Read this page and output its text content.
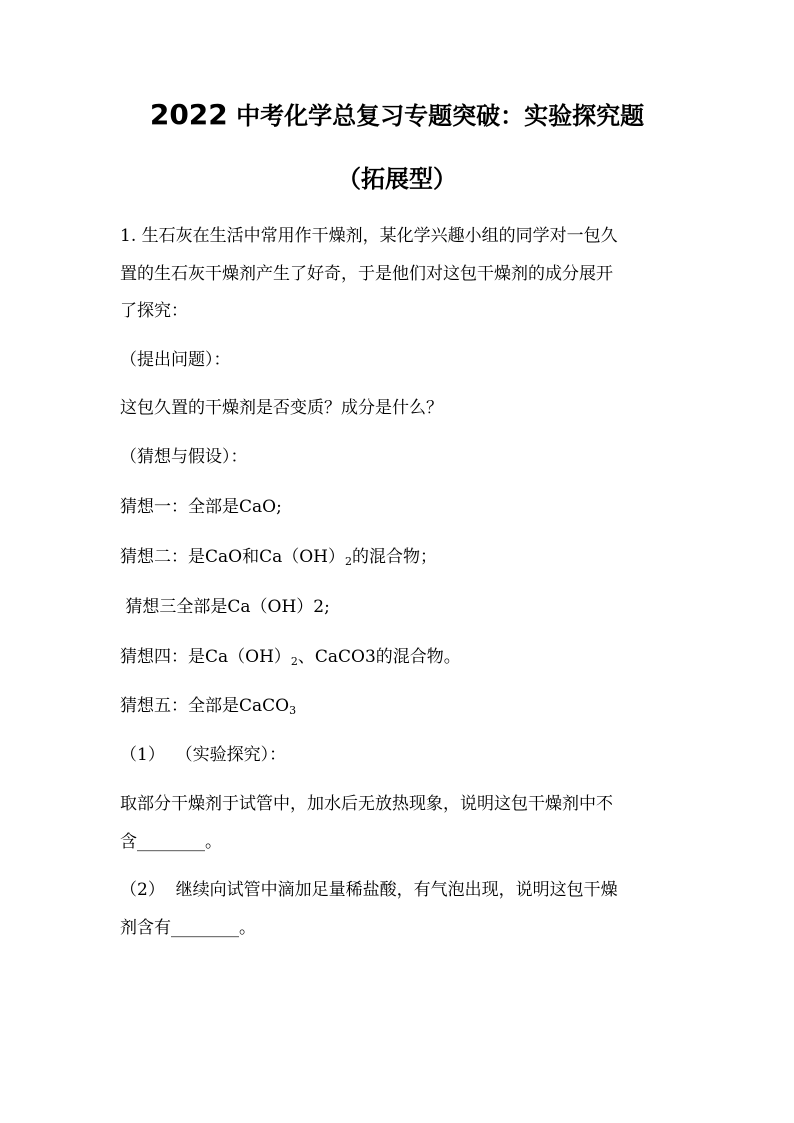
2022 中考化学总复习专题突破：实验探究题
（拓展型）
1. 生石灰在生活中常用作干燥剂，某化学兴趣小组的同学对一包久
置的生石灰干燥剂产生了好奇，于是他们对这包干燥剂的成分展开
了探究：
（提出问题）：
这包久置的干燥剂是否变质？成分是什么？
（猜想与假设）：
猜想一：全部是CaO;
猜想二：是CaO和$Ca(OH)_2$的混合物；
猜想三全部是Ca（OH）2;
猜想四：是$Ca(OH)_2$、CaCO3的混合物。
猜想五：全部是CaCO$_3$
（1）  （实验探究）：
取部分干燥剂于试管中，加水后无放热现象，说明这包干燥剂中不
含________。
（2）  继续向试管中滴加足量稀盐酸，有气泡出现，说明这包干燥
剂含有________。
